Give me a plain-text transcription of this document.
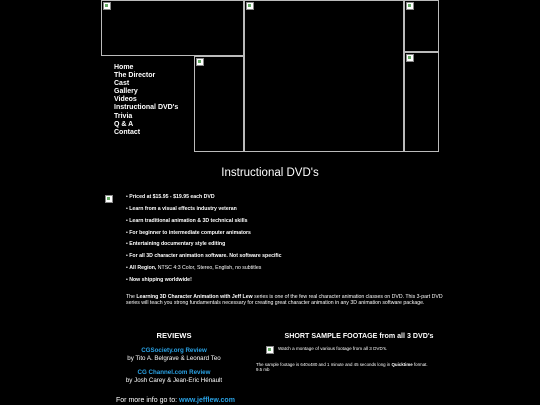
Home
The Director
Cast
Gallery
Videos
Instructional DVD's
Trivia
Q & A
Contact
Instructional DVD's
• Priced at $15.95 - $19.95 each DVD
• Learn from a visual effects industry veteran
• Learn traditional animation & 3D technical skills
• For beginner to intermediate computer animators
• Entertaining documentary style editing
• For all 3D character animation software. Not software specific
• All Region, NTSC 4:3 Color, Stereo, English, no subtitles
• Now shipping worldwide!
The Learning 3D Character Animation with Jeff Lew series is one of the few real character animation classes on DVD. This 3-part DVD series will teach you strong fundamentals necessary for creating great character animation in any 3D animation software package.
REVIEWS
CGSociety.org Review
by Tito A. Belgrave & Leonard Teo
CG Channel.com Review
by Josh Carey & Jean-Eric Hénault
SHORT SAMPLE FOOTAGE from all 3 DVD's
Watch a montage of various footage from all 3 DVD's.
The sample footage is 640x480 and 1 minute and 45 seconds long in Quicktime format.
9.5 mb
For more info go to: www.jefflew.com
